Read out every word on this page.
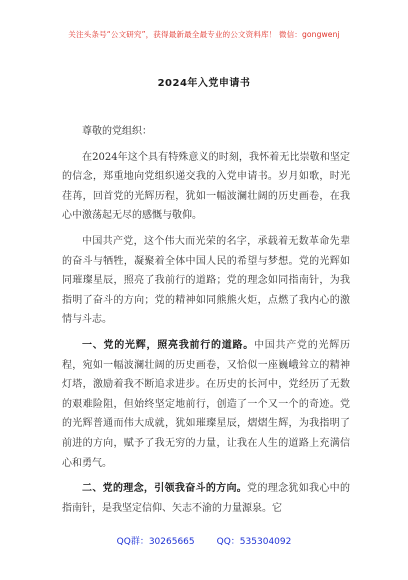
关注头条号“公文研究”，获得最新最全最专业的公文资料库！ 微信：gongwenj
2024年入党申请书

尊敬的党组织：

在2024年这个具有特殊意义的时刻，我怀着无比崇敬和坚定的信念，郑重地向党组织递交我的入党申请书。岁月如歌，时光荏苒，回首党的光辉历程，犹如一幅波澜壮阔的历史画卷，在我心中激荡起无尽的感慨与敬仰。

中国共产党，这个伟大而光荣的名字，承载着无数革命先辈的奋斗与牺牲，凝聚着全体中国人民的希望与梦想。党的光辉如同璀璨星辰，照亮了我前行的道路；党的理念如同指南针，为我指明了奋斗的方向；党的精神如同熊熊火炬，点燃了我内心的激情与斗志。

一、党的光辉，照亮我前行的道路。中国共产党的光辉历程，宛如一幅波澜壮阔的历史画卷，又恰似一座巍峨耸立的精神灯塔，激励着我不断追求进步。在历史的长河中，党经历了无数的艰难险阻，但始终坚定地前行，创造了一个又一个的奇迹。党的光辉普通而伟大成就，犹如璀璨星辰，熠熠生辉，为我指明了前进的方向，赋予了我无穷的力量，让我在人生的道路上充满信心和勇气。

二、党的理念，引领我奋斗的方向。党的理念犹如我心中的指南针，是我坚定信仰、矢志不渝的力量源泉。它

QQ群：30265665 QQ：535304092
